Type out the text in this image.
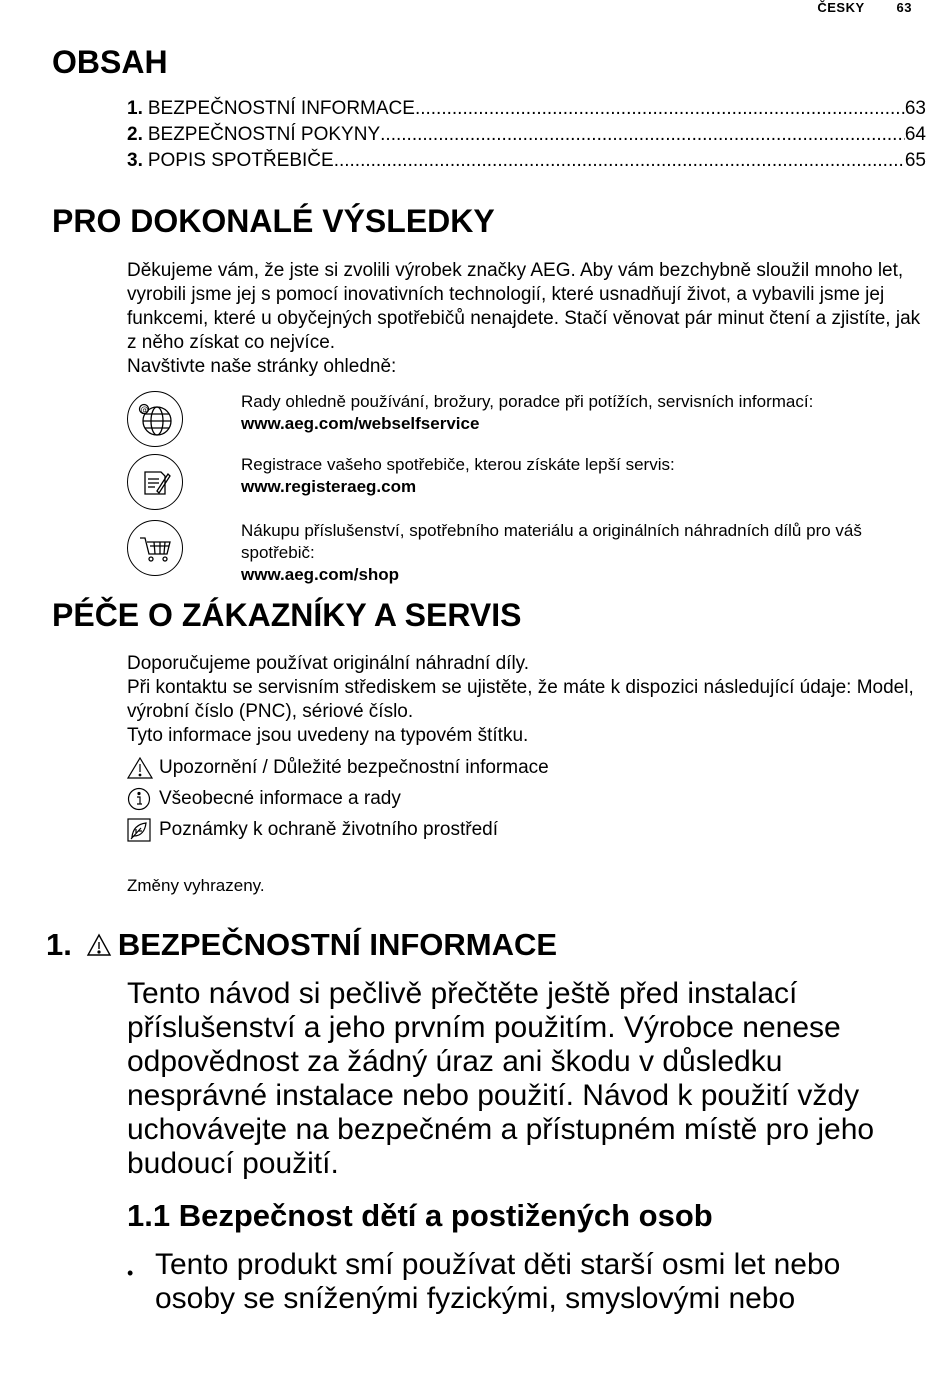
ČESKY 63
OBSAH
1. BEZPEČNOSTNÍ INFORMACE .....	63
2. BEZPEČNOSTNÍ POKYNY .....	64
3. POPIS SPOTŘEBIČE .....	65
PRO DOKONALÉ VÝSLEDKY

Děkujeme vám, že jste si zvolili výrobek značky AEG. Aby vám bezchybně sloužil mnoho let, vyrobili jsme jej s pomocí inovativních technologií, které usnadňují život, a vybavili jsme jej funkcemi, které u obyčejných spotřebičů nenajdete. Stačí věnovat pár minut čtení a zjistíte, jak z něho získat co nejvíce.

Navštivte naše stránky ohledně:

@	Rady ohledně používání, brožury, poradce při potížích, servisních informací:
www.aeg.com/webselfservice
Registrace vašeho spotřebiče, kterou získáte lepší servis:
www.registeraeg.com
Nákupu příslušenství, spotřebního materiálu a originálních náhradních dílů pro váš spotřebič:
www.aeg.com/shop
PÉČE O ZÁKAZNÍKY A SERVIS

Doporučujeme používat originální náhradní díly.

Při kontaktu se servisním střediskem se ujistěte, že máte k dispozici následující údaje: Model, výrobní číslo (PNC), sériové číslo.

Tyto informace jsou uvedeny na typovém štítku.

Upozornění / Důležité bezpečnostní informace
Všeobecné informace a rady
Poznámky k ochraně životního prostředí
Změny vyhrazeny.
1. BEZPEČNOSTNÍ INFORMACE

Tento návod si pečlivě přečtěte ještě před instalací příslušenství a jeho prvním použitím. Výrobce nenese odpovědnost za žádný úraz ani škodu v důsledku nesprávné instalace nebo použití. Návod k použití vždy uchovávejte na bezpečném a přístupném místě pro jeho budoucí použití.

1.1 Bezpečnost dětí a postižených osob
• Tento produkt smí používat děti starší osmi let nebo osoby se sníženými fyzickými, smyslovými nebo
